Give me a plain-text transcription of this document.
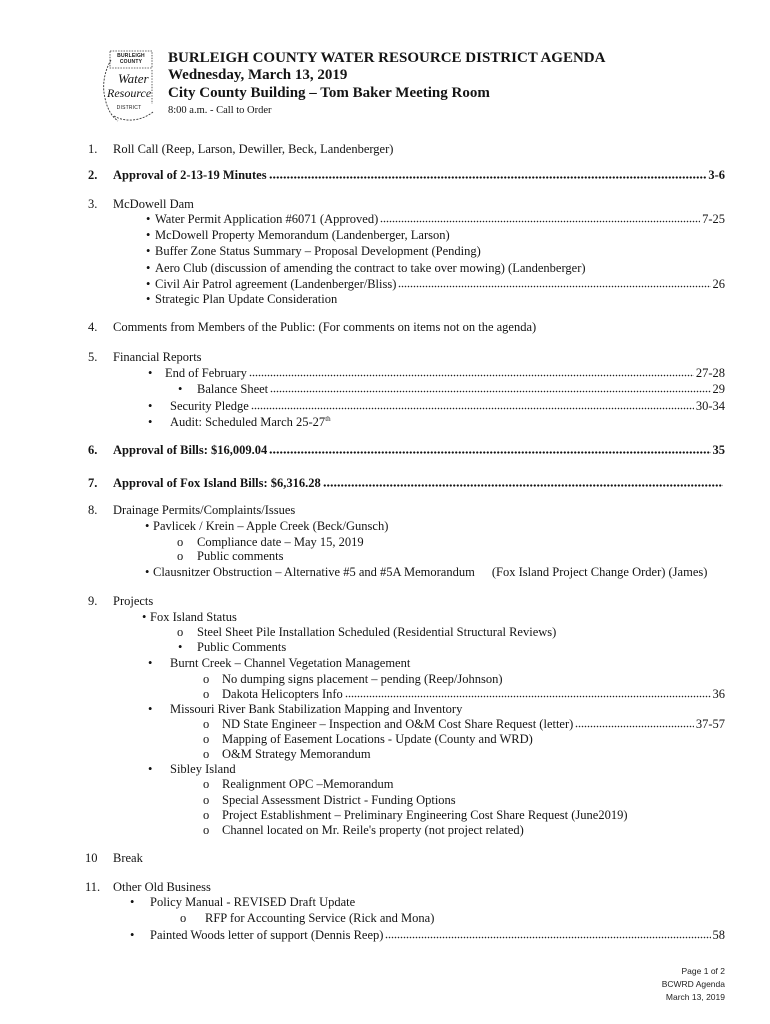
BURLEIGH
COUNTY
Water
Resource
DISTRICT
BURLEIGH COUNTY WATER RESOURCE DISTRICT AGENDA
Wednesday, March 13, 2019
City County Building – Tom Baker Meeting Room
8:00 a.m. - Call to Order
1. Roll Call (Reep, Larson, Dewiller, Beck, Landenberger)
2. Approval of 2-13-19 Minutes	3-6
3. McDowell Dam
• Water Permit Application #6071 (Approved)	7-25
• McDowell Property Memorandum (Landenberger, Larson)
• Buffer Zone Status Summary – Proposal Development (Pending)
• Aero Club (discussion of amending the contract to take over mowing) (Landenberger)
• Civil Air Patrol agreement (Landenberger/Bliss)	26
• Strategic Plan Update Consideration
4. Comments from Members of the Public: (For comments on items not on the agenda)
5. Financial Reports
• End of February	27-28
• Balance Sheet	29
• Security Pledge	30-34
• Audit: Scheduled March 25-27th
6. Approval of Bills: $16,009.04	35
7. Approval of Fox Island Bills: $6,316.28
8. Drainage Permits/Complaints/Issues
• Pavlicek / Krein – Apple Creek (Beck/Gunsch)
o Compliance date – May 15, 2019
o Public comments
• Clausnitzer Obstruction – Alternative #5 and #5A Memorandum (Fox Island Project Change Order) (James)
9. Projects
• Fox Island Status
o Steel Sheet Pile Installation Scheduled (Residential Structural Reviews)
• Public Comments
• Burnt Creek – Channel Vegetation Management
o No dumping signs placement – pending (Reep/Johnson)
o Dakota Helicopters Info	36
• Missouri River Bank Stabilization Mapping and Inventory
o ND State Engineer – Inspection and O&M Cost Share Request (letter)	37-57
o Mapping of Easement Locations - Update (County and WRD)
o O&M Strategy Memorandum
• Sibley Island
o Realignment OPC –Memorandum
o Special Assessment District - Funding Options
o Project Establishment – Preliminary Engineering Cost Share Request (June2019)
o Channel located on Mr. Reile's property (not project related)
10 Break
11. Other Old Business
• Policy Manual - REVISED Draft Update
o RFP for Accounting Service (Rick and Mona)
• Painted Woods letter of support (Dennis Reep)	58
Page 1 of 2
BCWRD Agenda
March 13, 2019
